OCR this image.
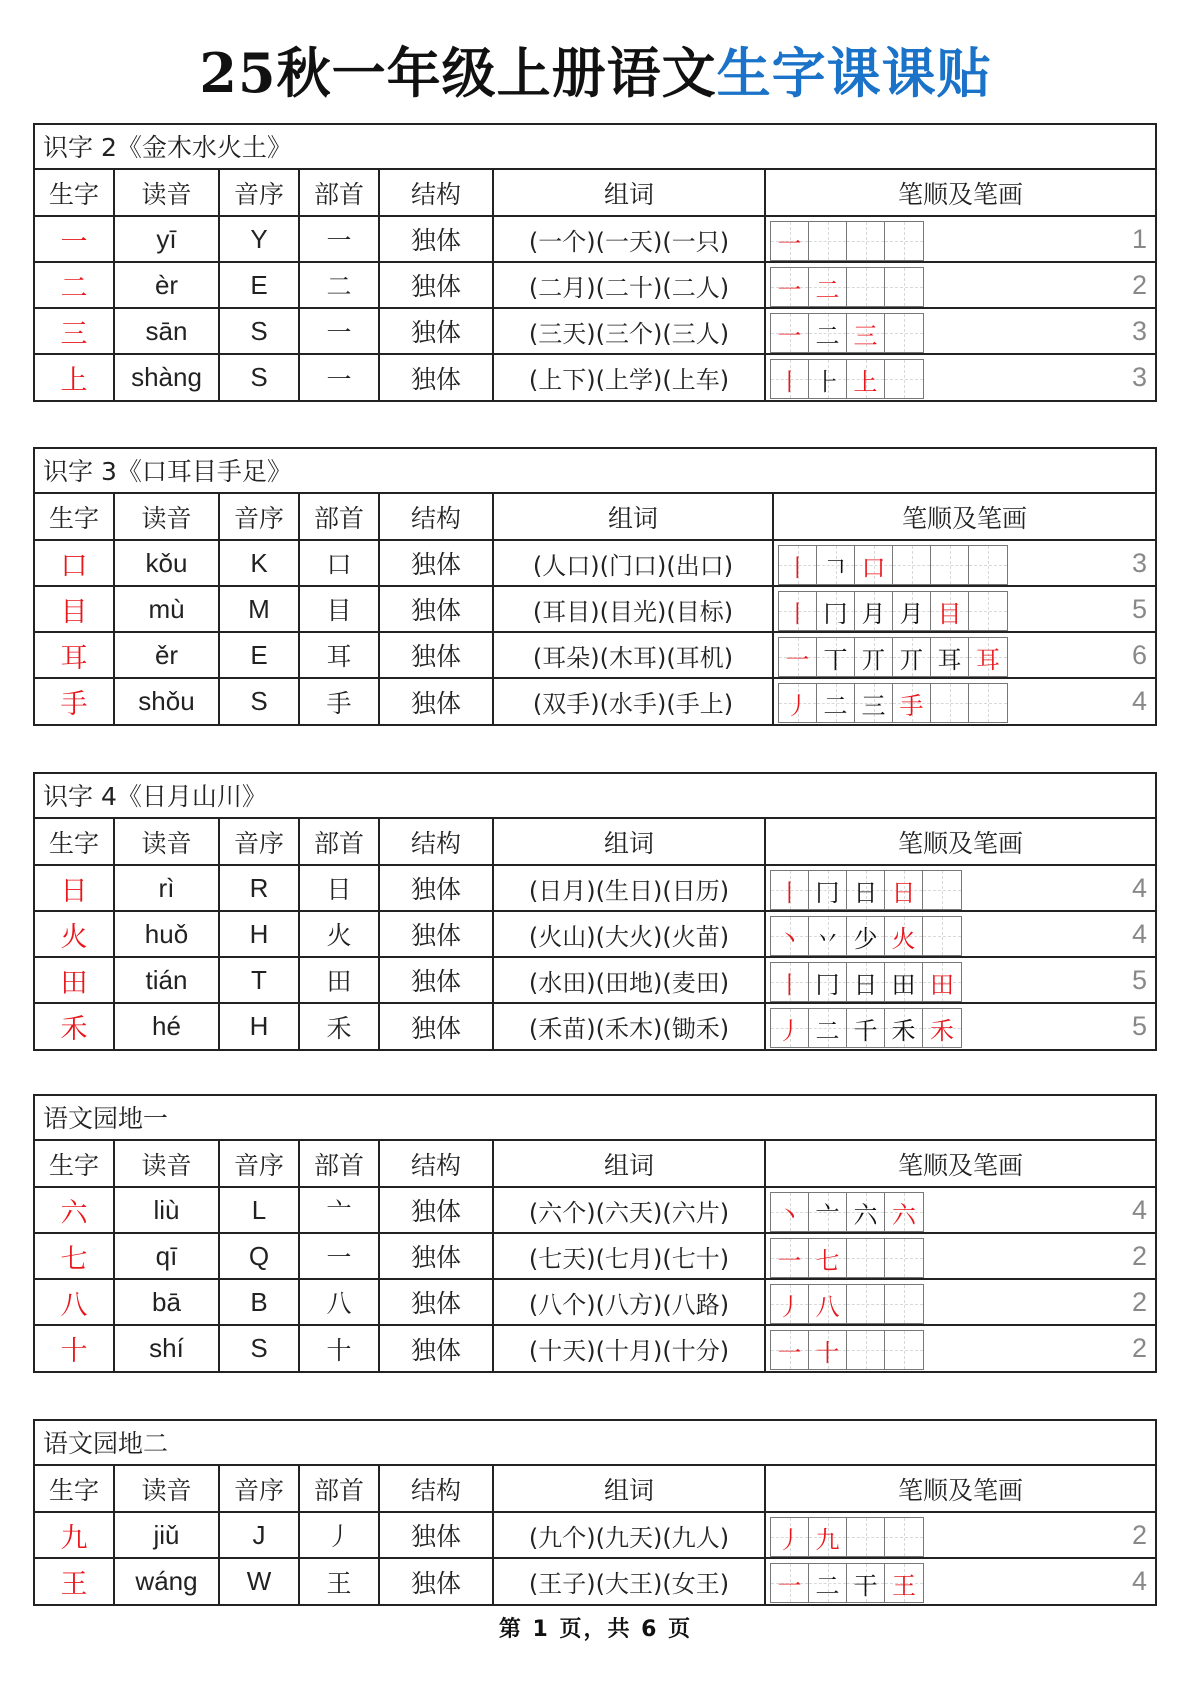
25秋一年级上册语文生字课课贴
识字 2《金木水火土》
生字	读音	音序	部首	结构	组词	笔顺及笔画
一	yī	Y	一	独体	(一个)(一天)(一只)	一 1

二	èr	E	二	独体	(二月)(二十)(二人)	一 二 2

三	sān	S	一	独体	(三天)(三个)(三人)	一 二 三 3

上	shàng	S	一	独体	(上下)(上学)(上车)	丨 ⺊ 上 3
识字 3《口耳目手足》
生字	读音	音序	部首	结构	组词	笔顺及笔画
口	kǒu	K	口	独体	(人口)(门口)(出口)	丨 𠃍 口 3

目	mù	M	目	独体	(耳目)(目光)(目标)	丨 冂 月 月 目	5

耳	ěr	E	耳	独体	(耳朵)(木耳)(耳机)	一 丅 丌 丌 耳 耳	6

手	shǒu	S	手	独体	(双手)(水手)(手上)	丿 二 三 手 4
识字 4《日月山川》
生字	读音	音序	部首	结构	组词	笔顺及笔画
日	rì	R	日	独体	(日月)(生日)(日历)	丨 冂 日 日 4

火	huǒ	H	火	独体	(火山)(大火)(火苗)	丶 丷 少 火 4

田	tián	T	田	独体	(水田)(田地)(麦田)	丨 冂 日 田 田	5

禾	hé	H	禾	独体	(禾苗)(禾木)(锄禾)	丿 二 千 禾 禾	5
语文园地一
生字	读音	音序	部首	结构	组词	笔顺及笔画
六	liù	L	亠	独体	(六个)(六天)(六片)	丶 亠 六 六 4

七	qī	Q	一	独体	(七天)(七月)(七十)	一 七 2

八	bā	B	八	独体	(八个)(八方)(八路)	丿 八 2

十	shí	S	十	独体	(十天)(十月)(十分)	一 十 2
语文园地二
生字	读音	音序	部首	结构	组词	笔顺及笔画
九	jiǔ	J	丿	独体	(九个)(九天)(九人)	丿 九 2

王	wáng	W	王	独体	(王子)(大王)(女王)	一 二 干 王 4
第 1 页，共 6 页
